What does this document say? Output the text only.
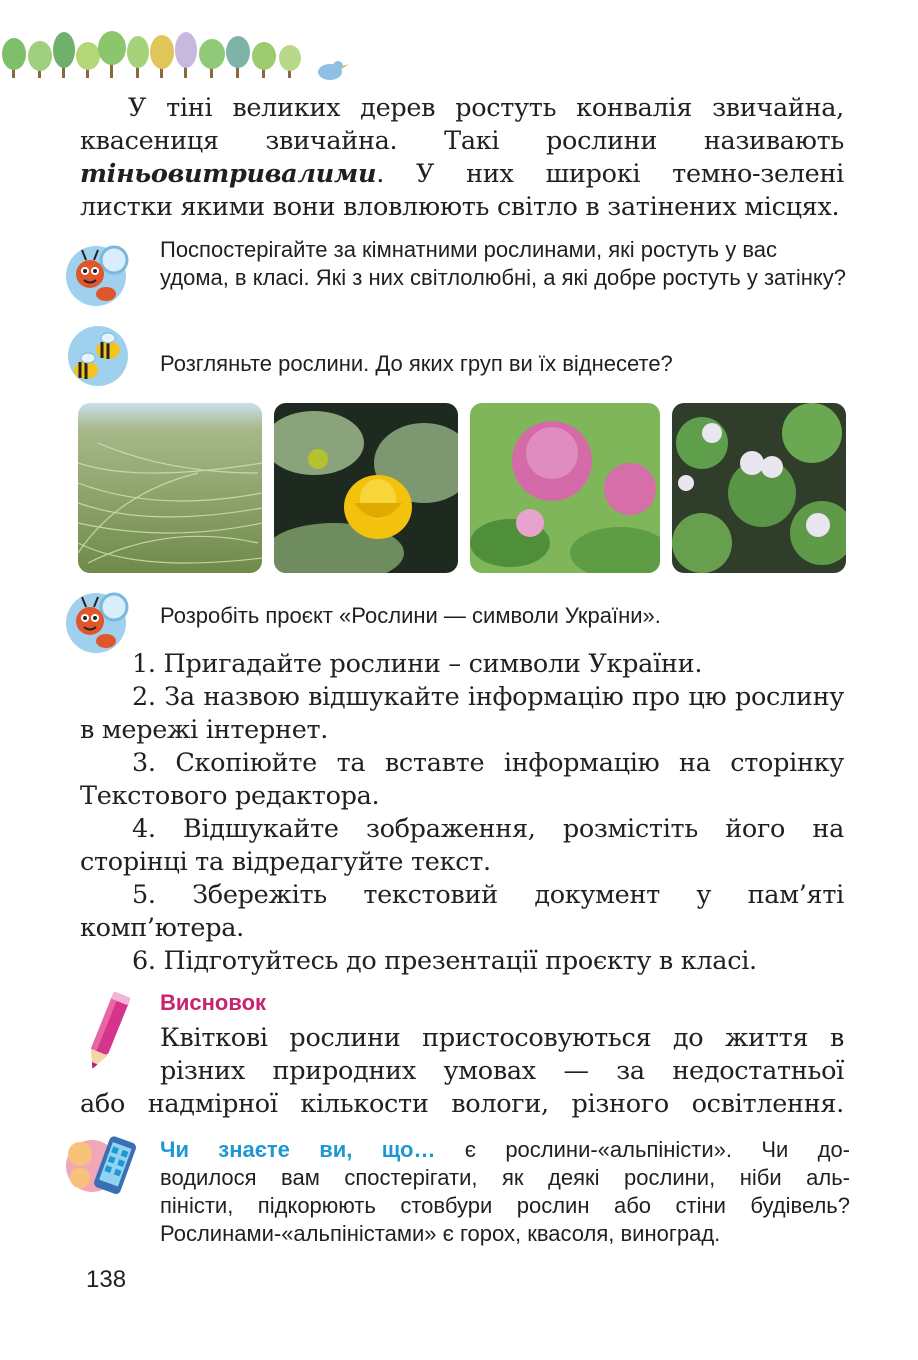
У тіні великих дерев ростуть конвалія звичайна, квасениця звичайна. Такі рослини називають тіньовитривалими. У них широкі темно-зелені листки якими вони вловлюють світло в затінених місцях.

Поспостерігайте за кімнатними рослинами, які ростуть у вас удома, в класі. Які з них світлолюбні, а які добре ростуть у затінку?
Розгляньте рослини. До яких груп ви їх віднесете?
Розробіть проєкт «Рослини — символи України».
1. Пригадайте рослини – символи України.
2. За назвою відшукайте інформацію про цю рослину в мережі інтернет.
3. Скопіюйте та вставте інформацію на сторінку Текстового редактора.
4. Відшукайте зображення, розмістіть його на сторінці та відредагуйте текст.
5. Збережіть текстовий документ у пам’яті комп’ютера.
6. Підготуйтесь до презентації проєкту в класі.
Висновок
Квіткові рослини пристосовуються до життя в
різних природних умовах — за недостатньої
або надмірної кількости вологи, різного освітлення.
Чи знаєте ви, що… є рослини-«альпіністи». Чи до-
водилося вам спостерігати, як деякі рослини, ніби аль-
піністи, підкорюють стовбури рослин або стіни будівель?
Рослинами-«альпіністами» є горох, квасоля, виноград.
138
